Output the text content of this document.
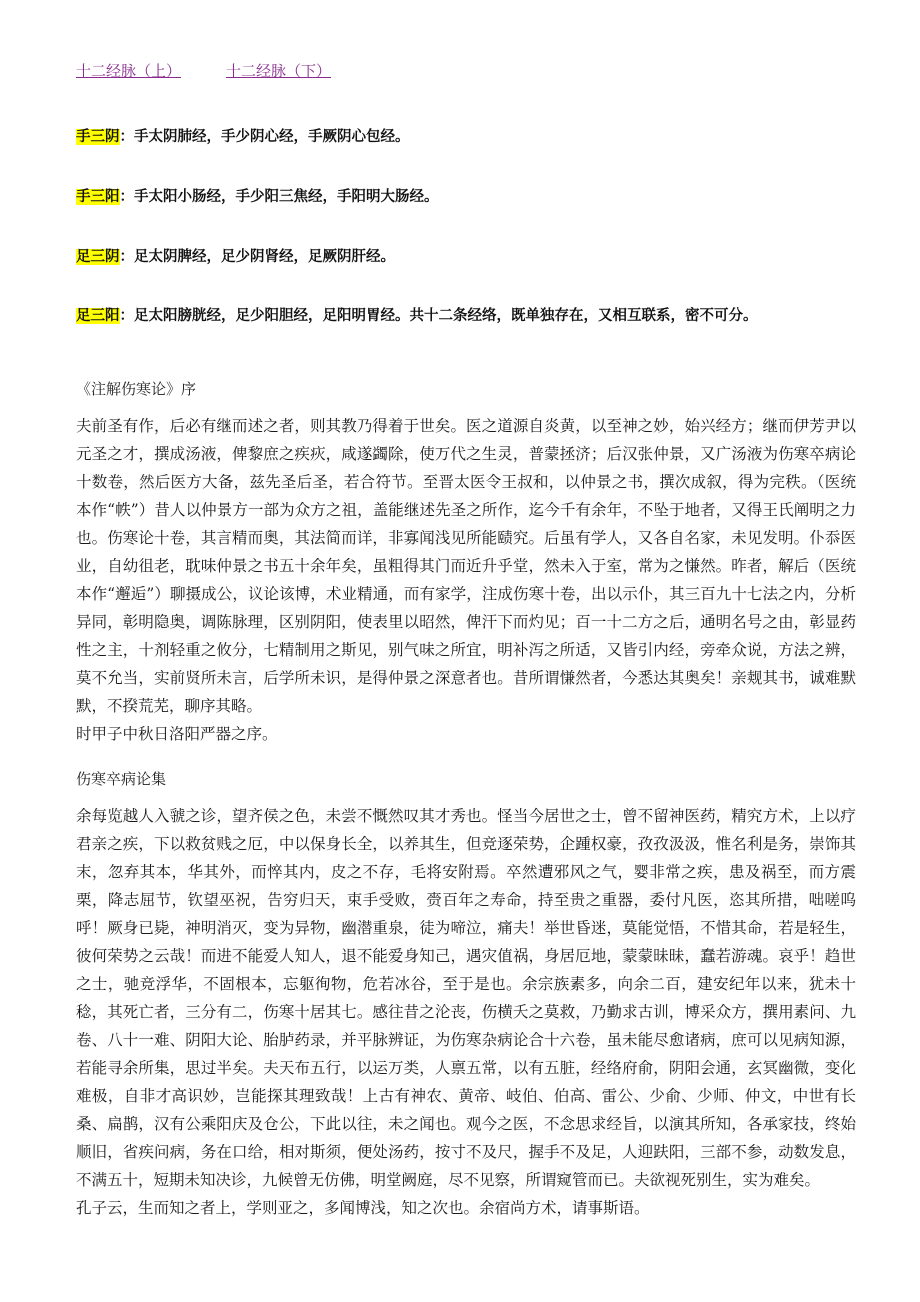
十二经脉（上）	十二经脉（下）
手三阴：手太阴肺经，手少阴心经，手厥阴心包经。
手三阳：手太阳小肠经，手少阳三焦经，手阳明大肠经。
足三阴：足太阴脾经，足少阴肾经，足厥阴肝经。
足三阳：足太阳膀胱经，足少阳胆经，足阳明胃经。共十二条经络，既单独存在，又相互联系，密不可分。
《注解伤寒论》序

夫前圣有作，后必有继而述之者，则其教乃得着于世矣。医之道源自炎黄，以至神之妙，始兴经方；继而伊芳尹以元圣之才，撰成汤液，俾黎庶之疾疢，咸遂蠲除，使万代之生灵，普蒙拯济；后汉张仲景，又广汤液为伤寒卒病论十数卷，然后医方大备，兹先圣后圣，若合符节。至晋太医令王叔和，以仲景之书，撰次成叙，得为完秩。（医统本作“帙”）昔人以仲景方一部为众方之祖，盖能继述先圣之所作，迄今千有余年，不坠于地者，又得王氏阐明之力也。伤寒论十卷，其言精而奥，其法简而详，非寡闻浅见所能赜究。后虽有学人，又各自名家，未见发明。仆忝医业，自幼徂老，耽味仲景之书五十余年矣，虽粗得其门而近升乎堂，然未入于室，常为之慊然。昨者，解后（医统本作“邂逅”）聊摄成公，议论该博，术业精通，而有家学，注成伤寒十卷，出以示仆，其三百九十七法之内，分析异同，彰明隐奥，调陈脉理，区别阴阳，使表里以昭然，俾汗下而灼见；百一十二方之后，通明名号之由，彰显药性之主，十剂轻重之攸分，七精制用之斯见，别气味之所宜，明补泻之所适，又皆引内经，旁牵众说，方法之辨，莫不允当，实前贤所未言，后学所未识，是得仲景之深意者也。昔所谓慊然者，今悉达其奥矣！亲觌其书，诚难默默，不揆荒芜，聊序其略。

时甲子中秋日洛阳严器之序。

伤寒卒病论集

余每览越人入虢之诊，望齐侯之色，未尝不慨然叹其才秀也。怪当今居世之士，曾不留神医药，精究方术，上以疗君亲之疾，下以救贫贱之厄，中以保身长全，以养其生，但竞逐荣势，企踵权豪，孜孜汲汲，惟名利是务，崇饰其末，忽弃其本，华其外，而悴其内，皮之不存，毛将安附焉。卒然遭邪风之气，婴非常之疾，患及祸至，而方震栗，降志屈节，钦望巫祝，告穷归天，束手受败，赍百年之寿命，持至贵之重器，委付凡医，恣其所措，咄嗟呜呼！厥身已毙，神明消灭，变为异物，幽潜重泉，徒为啼泣，痛夫！举世昏迷，莫能觉悟，不惜其命，若是轻生，彼何荣势之云哉！而进不能爱人知人，退不能爱身知己，遇灾值祸，身居厄地，蒙蒙昧昧，蠢若游魂。哀乎！趋世之士，驰竞浮华，不固根本，忘躯徇物，危若冰谷，至于是也。余宗族素多，向余二百，建安纪年以来，犹未十稔，其死亡者，三分有二，伤寒十居其七。感往昔之沦丧，伤横夭之莫救，乃勤求古训，博采众方，撰用素问、九卷、八十一难、阴阳大论、胎胪药录，并平脉辨证，为伤寒杂病论合十六卷，虽未能尽愈诸病，庶可以见病知源，若能寻余所集，思过半矣。夫天布五行，以运万类，人禀五常，以有五脏，经络府俞，阴阳会通，玄冥幽微，变化难极，自非才高识妙，岂能探其理致哉！上古有神农、黄帝、岐伯、伯高、雷公、少俞、少师、仲文，中世有长桑、扁鹊，汉有公乘阳庆及仓公，下此以往，未之闻也。观今之医，不念思求经旨，以演其所知，各承家技，终始顺旧，省疾问病，务在口给，相对斯须，便处汤药，按寸不及尺，握手不及足，人迎趺阳，三部不参，动数发息，不满五十，短期未知决诊，九候曾无仿佛，明堂阙庭，尽不见察，所谓窥管而已。夫欲视死别生，实为难矣。

孔子云，生而知之者上，学则亚之，多闻博浅，知之次也。余宿尚方术，请事斯语。
